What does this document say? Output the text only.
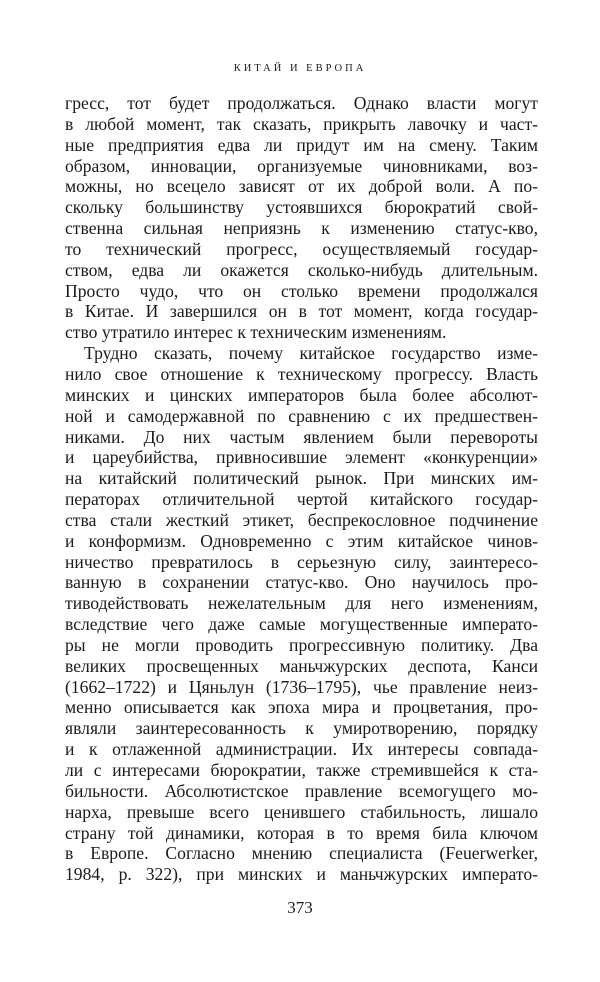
КИТАЙ И ЕВРОПА
гресс, тот будет продолжаться. Однако власти могут
в любой момент, так сказать, прикрыть лавочку и част-
ные предприятия едва ли придут им на смену. Таким
образом, инновации, организуемые чиновниками, воз-
можны, но всецело зависят от их доброй воли. А по-
скольку большинству устоявшихся бюрократий свой-
ственна сильная неприязнь к изменению статус-кво,
то технический прогресс, осуществляемый государ-
ством, едва ли окажется сколько-нибудь длительным.
Просто чудо, что он столько времени продолжался
в Китае. И завершился он в тот момент, когда государ-
ство утратило интерес к техническим изменениям.
Трудно сказать, почему китайское государство изме-
нило свое отношение к техническому прогрессу. Власть
минских и цинских императоров была более абсолют-
ной и самодержавной по сравнению с их предшествен-
никами. До них частым явлением были перевороты
и цареубийства, привносившие элемент «конкуренции»
на китайский политический рынок. При минских им-
ператорах отличительной чертой китайского государ-
ства стали жесткий этикет, беспрекословное подчинение
и конформизм. Одновременно с этим китайское чинов-
ничество превратилось в серьезную силу, заинтересо-
ванную в сохранении статус-кво. Оно научилось про-
тиводействовать нежелательным для него изменениям,
вследствие чего даже самые могущественные императо-
ры не могли проводить прогрессивную политику. Два
великих просвещенных маньчжурских деспота, Канси
(1662–1722) и Цяньлун (1736–1795), чье правление неиз-
менно описывается как эпоха мира и процветания, про-
являли заинтересованность к умиротворению, порядку
и к отлаженной администрации. Их интересы совпада-
ли с интересами бюрократии, также стремившейся к ста-
бильности. Абсолютистское правление всемогущего мо-
нарха, превыше всего ценившего стабильность, лишало
страну той динамики, которая в то время била ключом
в Европе. Согласно мнению специалиста (Feuerwerker,
1984, p. 322), при минских и маньчжурских императо-
373
